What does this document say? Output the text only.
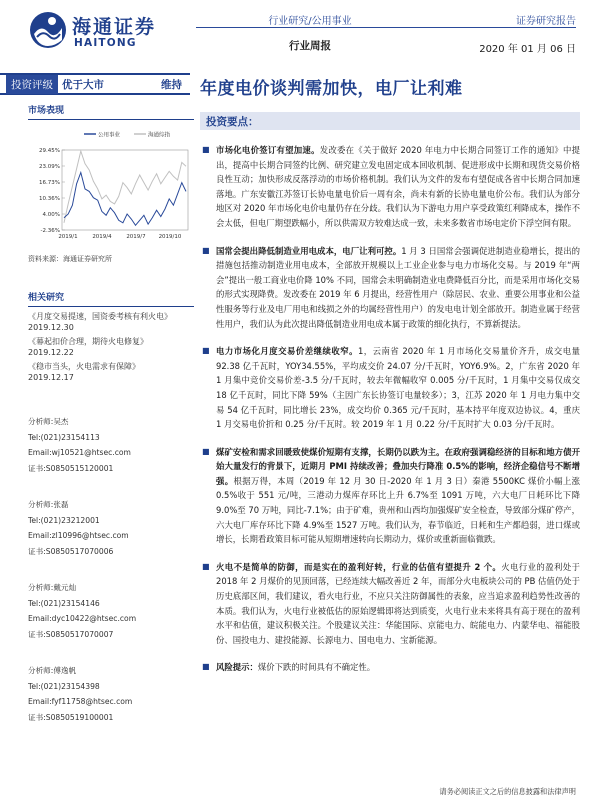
海通证券
HAITONG
行业研究/公用事业
行业周报
证券研究报告
2020 年 01 月 06 日
投资评级 优于大市	维持 年度电价谈判需加快，电厂让利难
市场表现
公用事业	海通综指
29.45%
23.09%
16.73%
10.36%
4.00%
-2.36%
2019/1	2019/4	2019/7 2019/10
资料来源：海通证券研究所
相关研究
《月度交易提速，国资委考核有利火电》
2019.12.30
《幕起扣价合理，期待火电修复》
2019.12.22
《稳市当头，火电需求有保障》
2019.12.17
分析师:吴杰
Tel:(021)23154113
Email:wj10521@htsec.com
证书:S0850515120001
分析师:张磊
Tel:(021)23212001
Email:zl10996@htsec.com
证书:S0850517070006
分析师:戴元灿
Tel:(021)23154146
Email:dyc10422@htsec.com
证书:S0850517070007
分析师:傅逸帆
Tel:(021)23154398
Email:fyf11758@htsec.com
证书:S0850519100001
投资要点：
■ 市场化电价签订有望加速。发改委在《关于做好 2020 年电力中长期合同签订工作的通知》中提出，提高中长期合同签约比例、研究建立发电固定成本回收机制、促进形成中长期和现货交易价格良性互动；加快形成反落浮动的市场价格机制。我们认为文件的发布有望促成各省中长期合同加速落地。广东安徽江苏签订长协电量电价后一周有余，尚未有新的长协电量电价公布。我们认为部分地区对 2020 年市场化电价电量仍存在分歧。我们认为下游电力用户享受政策红利降成本，操作不会太低，但电厂期望跌幅小，所以供需双方较难达成一致，未来多数省市场电定价下浮空间有限。
■ 国常会提出降低制造业用电成本，电厂让利可控。1 月 3 日国常会强调促进制造业稳增长，提出的措施包括推动制造业用电成本，全部放开规模以上工业企业参与电力市场化交易。与 2019 年“两会”提出一般工商业电价降 10% 不同，国常会未明确制造业电费降低百分比，而是采用市场化交易的形式实现降费。发改委在 2019 年 6 月提出，经营性用户（除居民、农业、重要公用事业和公益性服务等行业及电厂用电和线损之外的均属经营性用户）的发电电计划全部放开。制造业属于经营性用户，我们认为此次提出降低制造业用电成本属于政策的细化执行，不算新提法。
■ 电力市场化月度交易价差继续收窄。1，云南省 2020 年 1 月市场化交易量价齐升，成交电量 92.38 亿千瓦时，YOY34.55%，平均成交价 24.07 分/千瓦时，YOY6.9%。2，广东省 2020 年 1 月集中竞价交易价差-3.5 分/千瓦时，较去年微幅收窄 0.005 分/千瓦时，1 月集中交易仅成交 18 亿千瓦时，同比下降 59%（主因广东长协签订电量较多）；3，江苏 2020 年 1 月电力集中交易 54 亿千瓦时，同比增长 23%，成交均价 0.365 元/千瓦时，基本持平年度双边协议。4，重庆 1 月交易电价折和 0.25 分/千瓦时。较 2019 年 1 月 0.22 分/千瓦时扩大 0.03 分/千瓦时。
■ 煤矿安检和需求回暖致使煤价短期有支撑，长期仍以跌为主。在政府强调稳经济的目标和地方债开始大量发行的背景下，近期月 PMI 持续改善；叠加央行降准 0.5%的影响，经济企稳信号不断增强。根据万得，本周（2019 年 12 月 30 日-2020 年 1 月 3 日）秦港 5500KC 煤价小幅上涨 0.5%收于 551 元/吨，三港动力煤库存环比上升 6.7%至 1091 万吨，六大电厂日耗环比下降 9.0%至 70 万吨，同比-7.1%；由于矿难，贵州和山西均加强煤矿安全检查，导致部分煤矿停产，六大电厂库存环比下降 4.9%至 1527 万吨。我们认为，春节临近，日耗和生产都趋弱，进口煤或增长，长期看政策目标可能从短期增速转向长期动力，煤价或重新面临微跌。
■ 火电不是简单的防御，而是实在的盈利好转，行业的估值有望提升 2 个。火电行业的盈利处于 2018 年 2 月煤价的见顶回落，已经连续大幅改善近 2 年，而部分火电板块公司的 PB 估值仍处于历史底部区间，我们建议，看火电行业，不应只关注防御属性的表象，应当追求盈利趋势性改善的本质。我们认为，火电行业被低估的原始逻辑即将达到质变，火电行业未来将具有高于现在的盈利水平和估值，建议积极关注。个股建议关注：华能国际、京能电力、皖能电力、内蒙华电、福能股份、国投电力、建投能源、长源电力、国电电力、宝新能源。
■ 风险提示：煤价下跌的时间具有不确定性。
请务必阅读正文之后的信息披露和法律声明
